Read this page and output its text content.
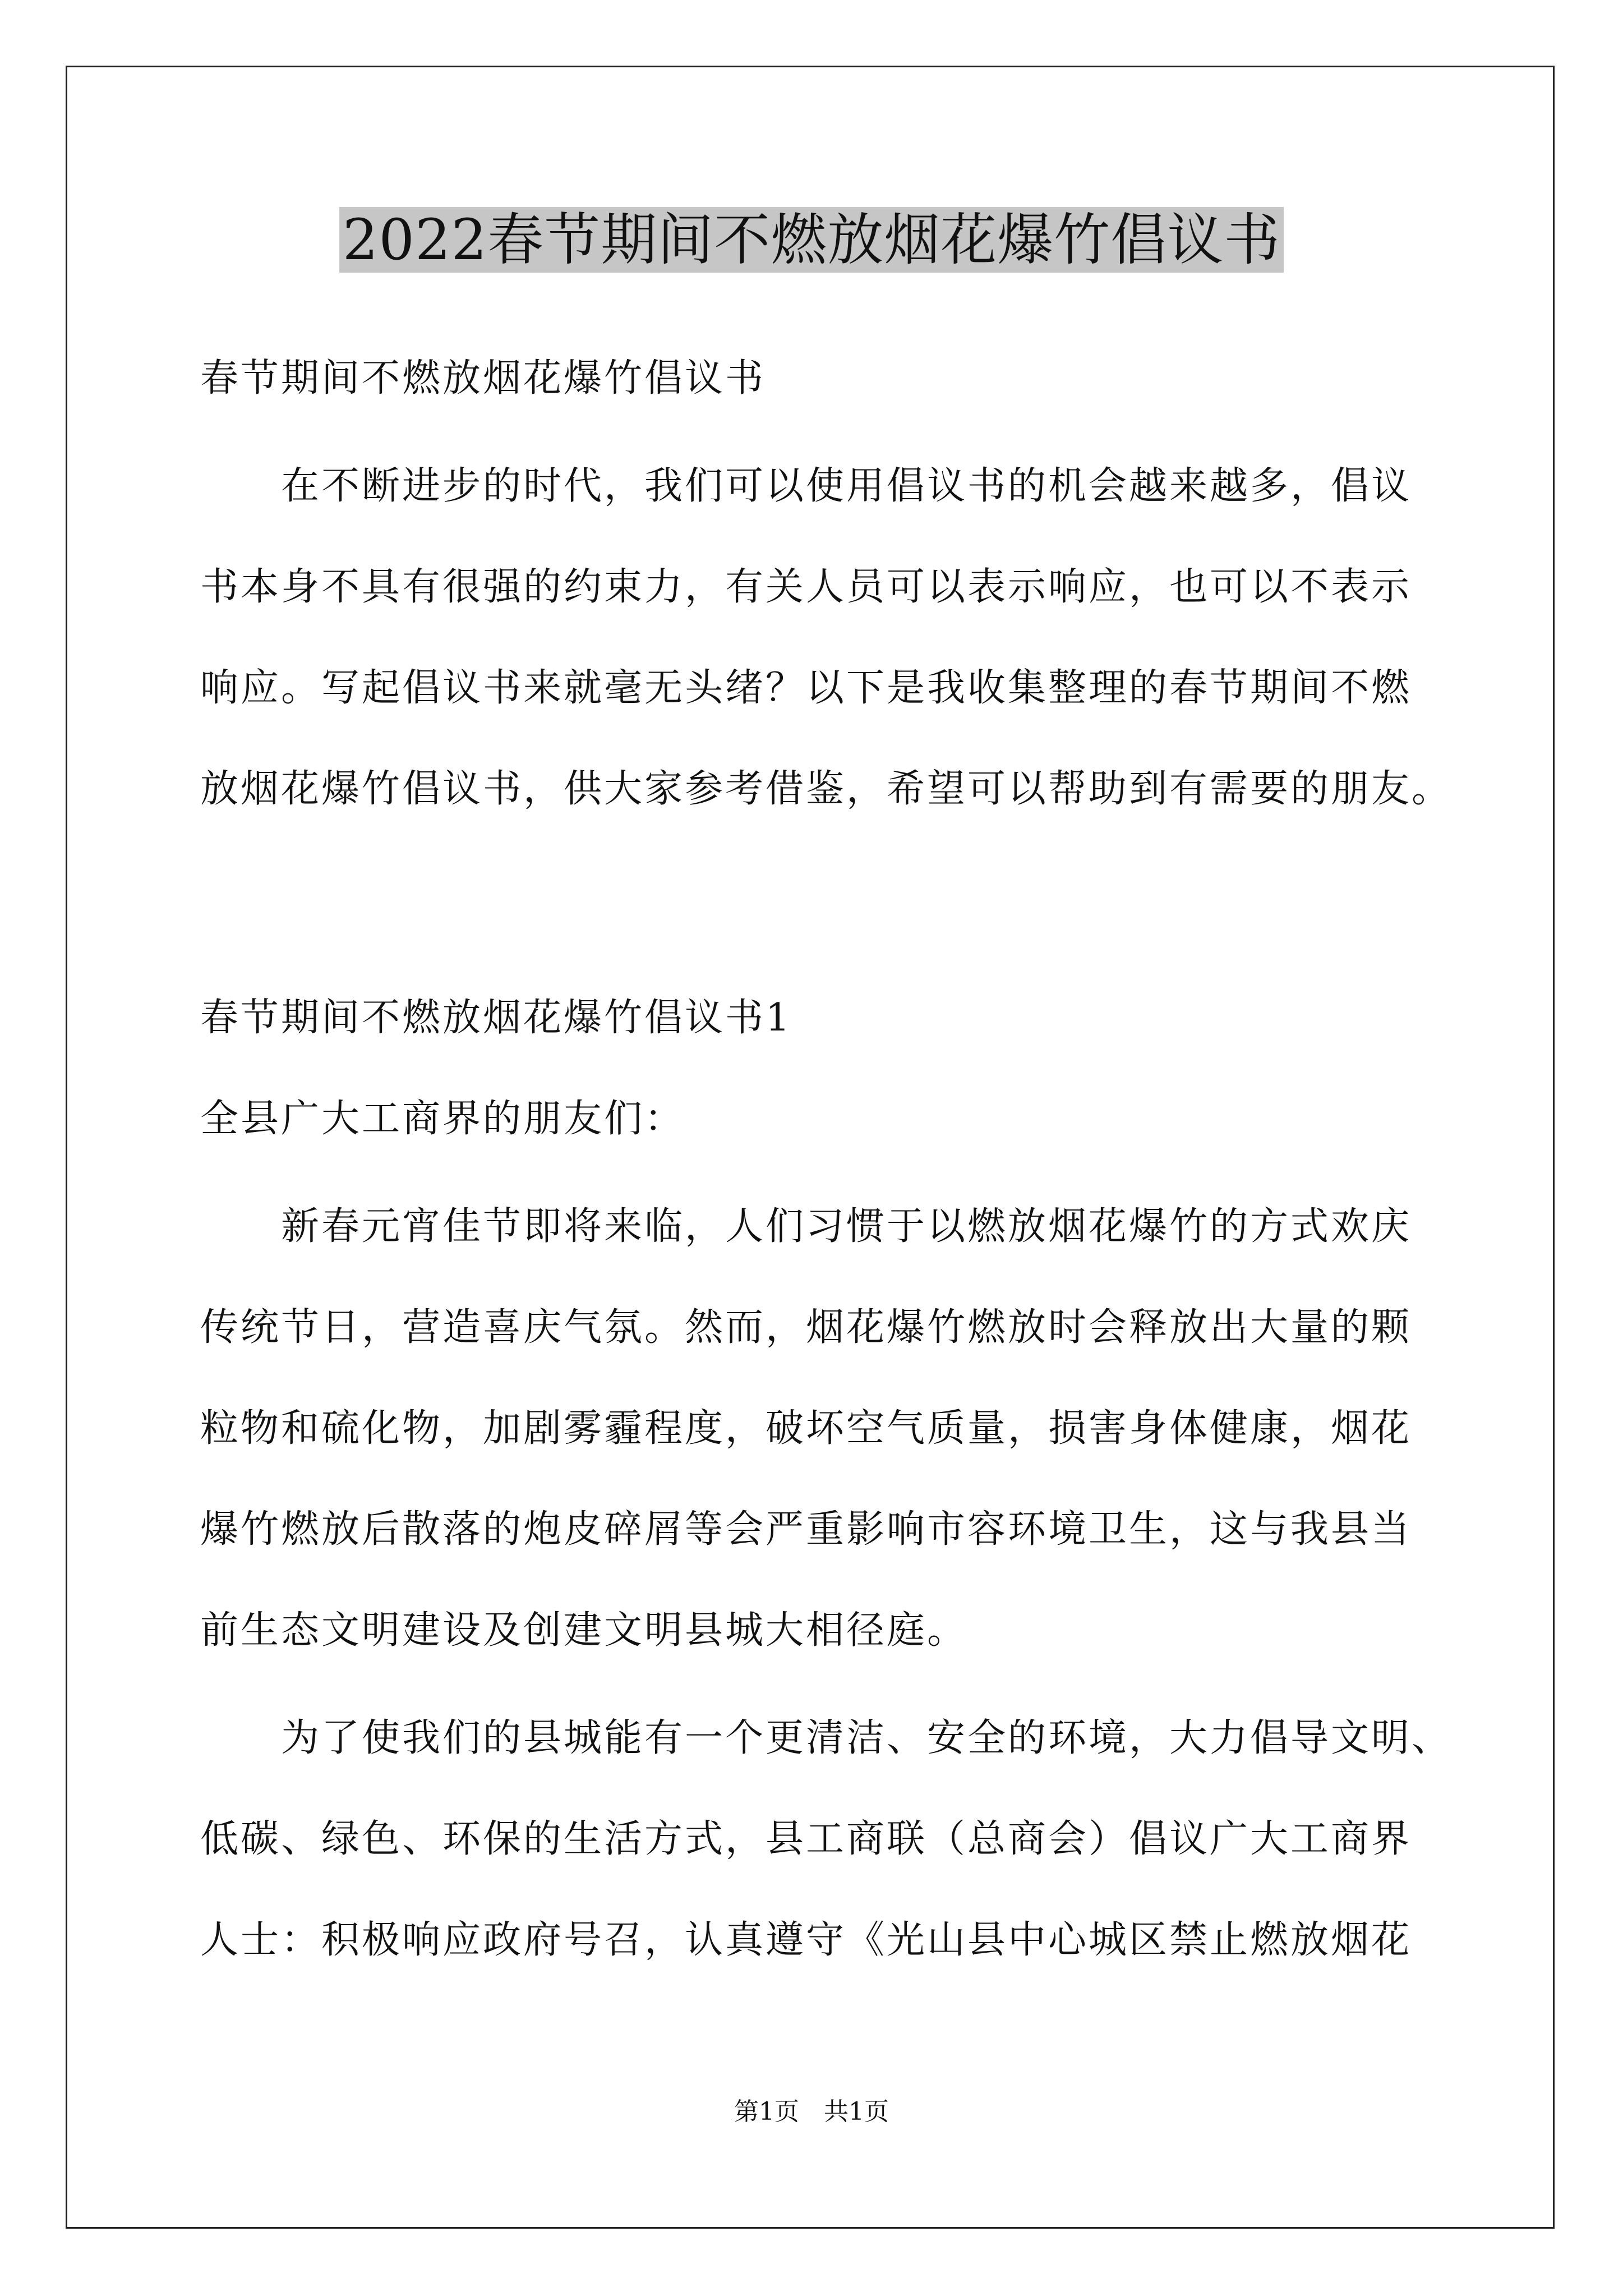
2022春节期间不燃放烟花爆竹倡议书
春节期间不燃放烟花爆竹倡议书
　　在不断进步的时代，我们可以使用倡议书的机会越来越多，倡议
书本身不具有很强的约束力，有关人员可以表示响应，也可以不表示
响应。写起倡议书来就毫无头绪？以下是我收集整理的春节期间不燃
放烟花爆竹倡议书，供大家参考借鉴，希望可以帮助到有需要的朋友。
春节期间不燃放烟花爆竹倡议书1
全县广大工商界的朋友们：
　　新春元宵佳节即将来临，人们习惯于以燃放烟花爆竹的方式欢庆
传统节日，营造喜庆气氛。然而，烟花爆竹燃放时会释放出大量的颗
粒物和硫化物，加剧雾霾程度，破坏空气质量，损害身体健康，烟花
爆竹燃放后散落的炮皮碎屑等会严重影响市容环境卫生，这与我县当
前生态文明建设及创建文明县城大相径庭。
　　为了使我们的县城能有一个更清洁、安全的环境，大力倡导文明、
低碳、绿色、环保的生活方式，县工商联（总商会）倡议广大工商界
人士：积极响应政府号召，认真遵守《光山县中心城区禁止燃放烟花
第1页　共1页
